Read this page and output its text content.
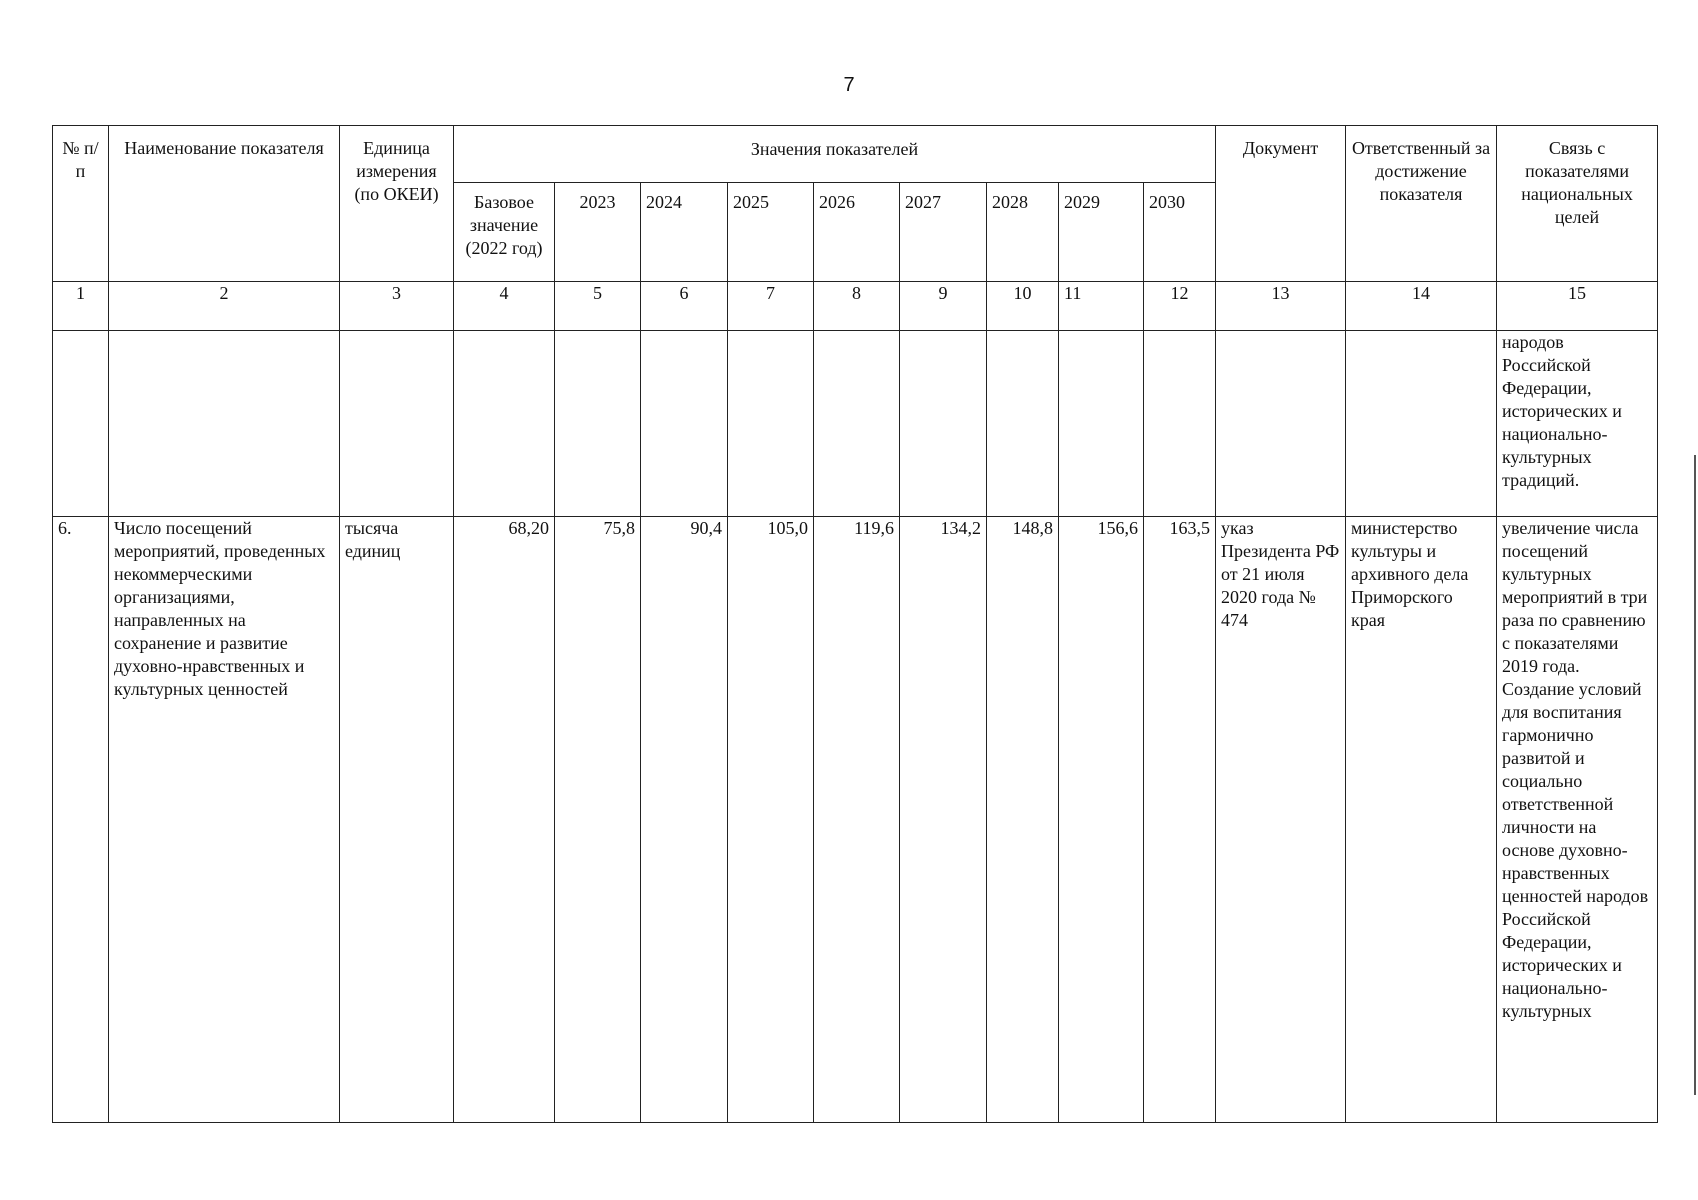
7
№ п/п	Наименование показателя	Единица измерения (по ОКЕИ)	Значения показателей									Документ	Ответственный за достижение показателя	Связь с показателями национальных целей
			Базовое значение (2022 год)	2023	2024	2025	2026	2027	2028	2029	2030			
1	2	3	4	5	6	7	8	9	10	11	12	13	14	15
														народов Российской Федерации, исторических и национально-культурных традиций.
6.	Число посещений мероприятий, проведенных некоммерческими организациями, направленных на сохранение и развитие духовно-нравственных и культурных ценностей	тысяча единиц	68,20	75,8	90,4	105,0	119,6	134,2	148,8	156,6	163,5	указ Президента РФ от 21 июля 2020 года № 474	министерство культуры и архивного дела Приморского края	увеличение числа посещений культурных мероприятий в три раза по сравнению с показателями 2019 года. Создание условий для воспитания гармонично развитой и социально ответственной личности на основе духовно-нравственных ценностей народов Российской Федерации, исторических и национально-культурных
